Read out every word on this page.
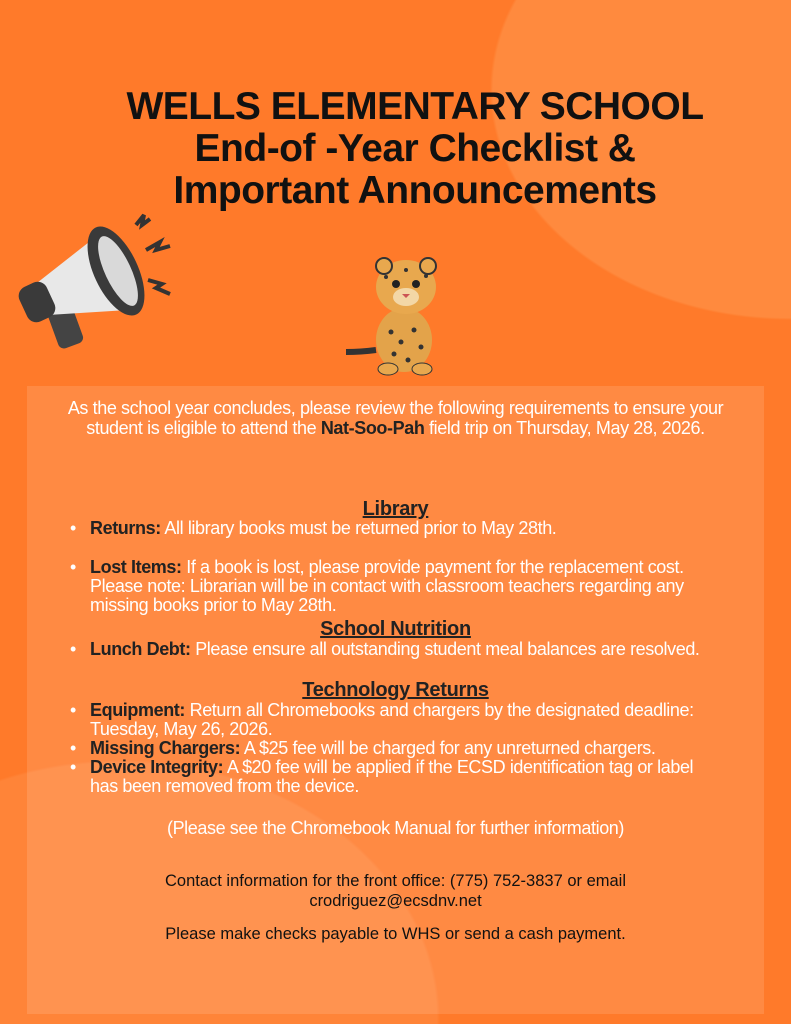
WELLS ELEMENTARY SCHOOL
End-of -Year Checklist &
Important Announcements
As the school year concludes, please review the following requirements to ensure your student is eligible to attend the Nat-Soo-Pah field trip on Thursday, May 28, 2026.
Library
• Returns: All library books must be returned prior to May 28th.
• Lost Items: If a book is lost, please provide payment for the replacement cost. Please note: Librarian will be in contact with classroom teachers regarding any missing books prior to May 28th.
School Nutrition
• Lunch Debt: Please ensure all outstanding student meal balances are resolved.
Technology Returns
• Equipment: Return all Chromebooks and chargers by the designated deadline: Tuesday, May 26, 2026.
• Missing Chargers: A $25 fee will be charged for any unreturned chargers.
• Device Integrity: A $20 fee will be applied if the ECSD identification tag or label has been removed from the device.
(Please see the Chromebook Manual for further information)
Contact information for the front office: (775) 752-3837 or email
crodriguez@ecsdnv.net
Please make checks payable to WHS or send a cash payment.
